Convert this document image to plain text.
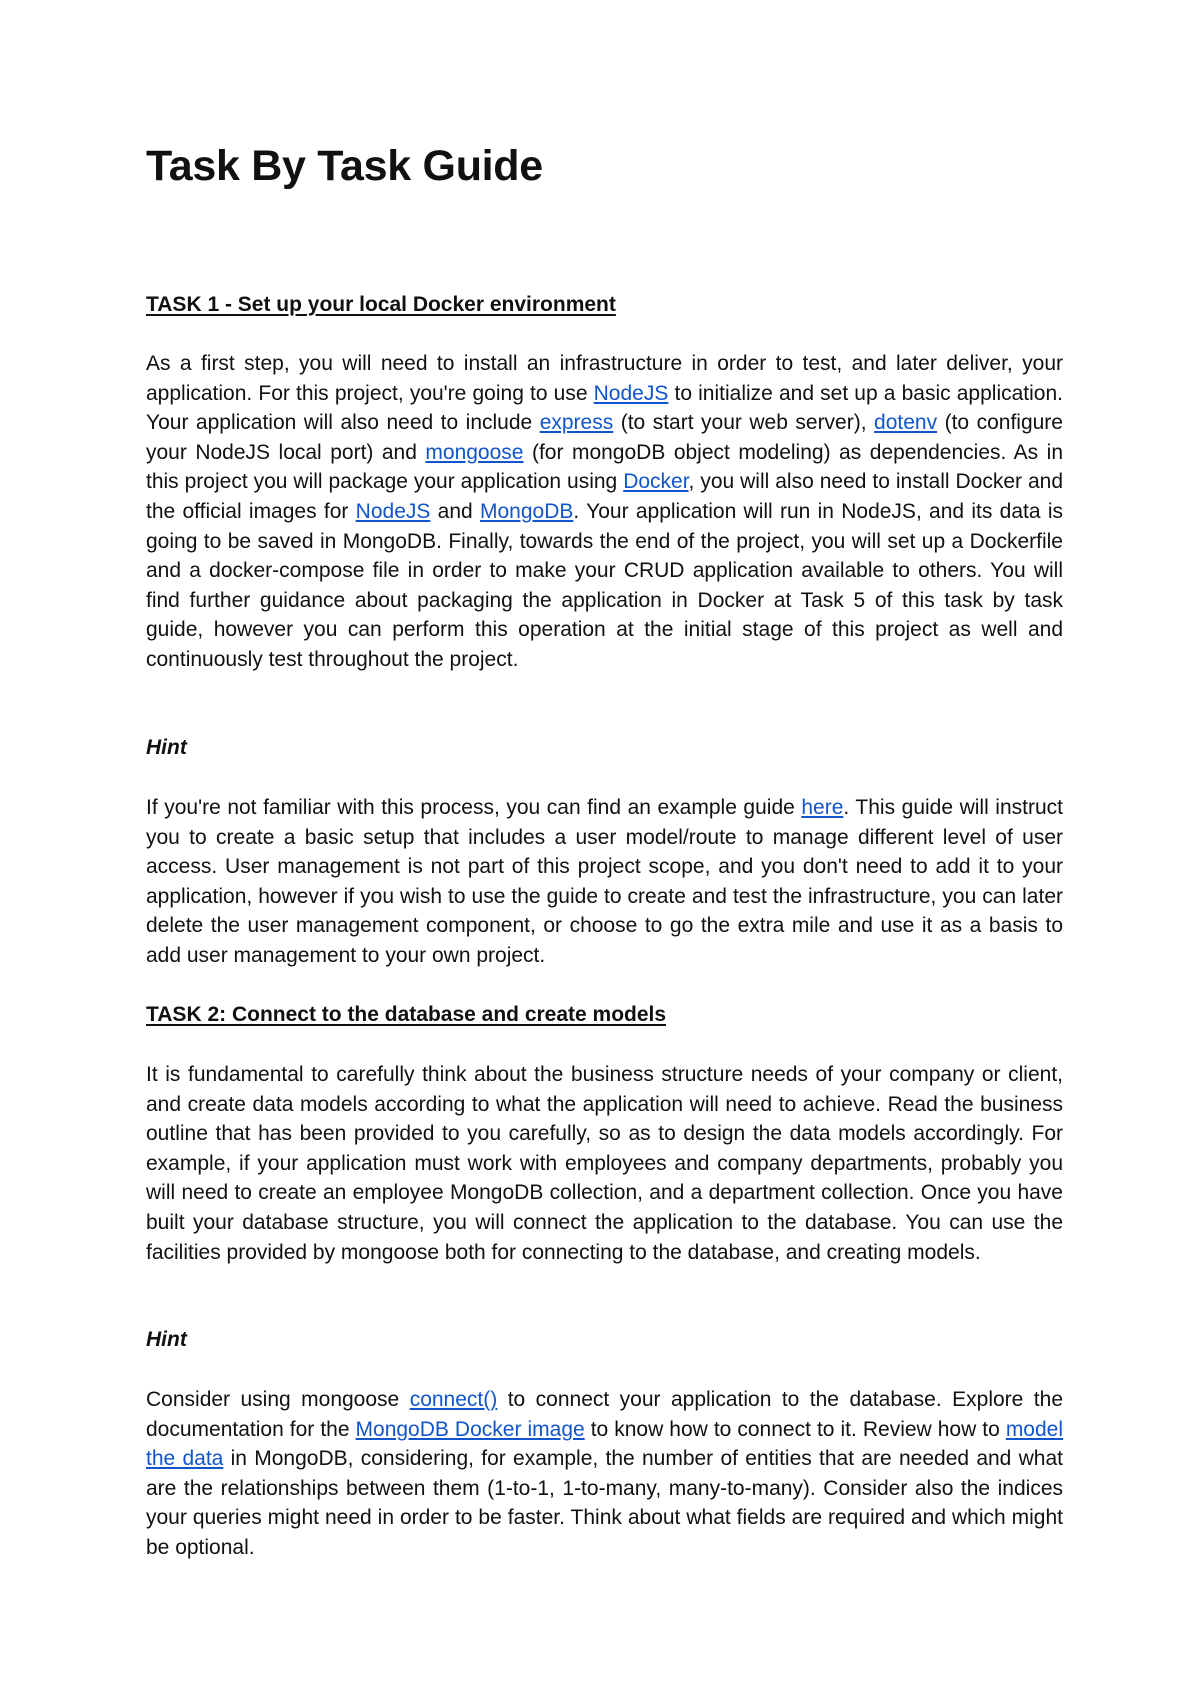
Task By Task Guide
TASK 1 - Set up your local Docker environment

As a first step, you will need to install an infrastructure in order to test, and later deliver, your application. For this project, you're going to use NodeJS to initialize and set up a basic application. Your application will also need to include express (to start your web server), dotenv (to configure your NodeJS local port) and mongoose (for mongoDB object modeling) as dependencies. As in this project you will package your application using Docker, you will also need to install Docker and the official images for NodeJS and MongoDB. Your application will run in NodeJS, and its data is going to be saved in MongoDB. Finally, towards the end of the project, you will set up a Dockerfile and a docker-compose file in order to make your CRUD application available to others. You will find further guidance about packaging the application in Docker at Task 5 of this task by task guide, however you can perform this operation at the initial stage of this project as well and continuously test throughout the project.

Hint

If you're not familiar with this process, you can find an example guide here. This guide will instruct you to create a basic setup that includes a user model/route to manage different level of user access. User management is not part of this project scope, and you don't need to add it to your application, however if you wish to use the guide to create and test the infrastructure, you can later delete the user management component, or choose to go the extra mile and use it as a basis to add user management to your own project.

TASK 2: Connect to the database and create models

It is fundamental to carefully think about the business structure needs of your company or client, and create data models according to what the application will need to achieve. Read the business outline that has been provided to you carefully, so as to design the data models accordingly. For example, if your application must work with employees and company departments, probably you will need to create an employee MongoDB collection, and a department collection. Once you have built your database structure, you will connect the application to the database. You can use the facilities provided by mongoose both for connecting to the database, and creating models.

Hint

Consider using mongoose connect() to connect your application to the database. Explore the documentation for the MongoDB Docker image to know how to connect to it. Review how to model the data in MongoDB, considering, for example, the number of entities that are needed and what are the relationships between them (1-to-1, 1-to-many, many-to-many). Consider also the indices your queries might need in order to be faster. Think about what fields are required and which might be optional.
